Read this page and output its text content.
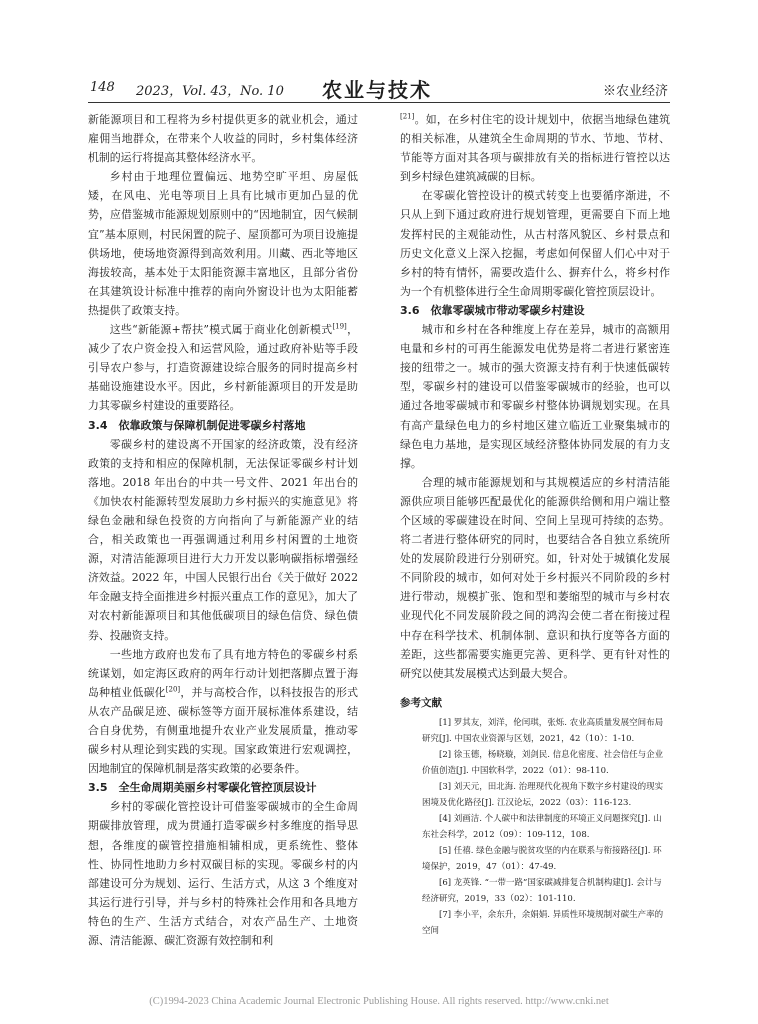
148 2023，Vol. 43，No. 10 农业与技术	※农业经济

新能源项目和工程将为乡村提供更多的就业机会，通过雇佣当地群众，在带来个人收益的同时，乡村集体经济机制的运行将提高其整体经济水平。

乡村由于地理位置偏远、地势空旷平坦、房屋低矮，在风电、光电等项目上具有比城市更加凸显的优势，应借鉴城市能源规划原则中的“因地制宜，因气候制宜”基本原则，村民闲置的院子、屋顶都可为项目设施提供场地，使场地资源得到高效利用。川藏、西北等地区海拔较高，基本处于太阳能资源丰富地区，且部分省份在其建筑设计标准中推荐的南向外窗设计也为太阳能蓄热提供了政策支持。

这些“新能源+帮扶”模式属于商业化创新模式[19]，减少了农户资金投入和运营风险，通过政府补贴等手段引导农户参与，打造资源建设综合服务的同时提高乡村基础设施建设水平。因此，乡村新能源项目的开发是助力其零碳乡村建设的重要路径。

3.4　依靠政策与保障机制促进零碳乡村落地

零碳乡村的建设离不开国家的经济政策，没有经济政策的支持和相应的保障机制，无法保证零碳乡村计划落地。2018 年出台的中共一号文件、2021 年出台的《加快农村能源转型发展助力乡村振兴的实施意见》将绿色金融和绿色投资的方向指向了与新能源产业的结合，相关政策也一再强调通过利用乡村闲置的土地资源，对清洁能源项目进行大力开发以影响碳指标增强经济效益。2022 年，中国人民银行出台《关于做好 2022 年金融支持全面推进乡村振兴重点工作的意见》，加大了对农村新能源项目和其他低碳项目的绿色信贷、绿色债券、投融资支持。

一些地方政府也发布了具有地方特色的零碳乡村系统谋划，如定海区政府的两年行动计划把落脚点置于海岛种植业低碳化[20]，并与高校合作，以科技报告的形式从农产品碳足迹、碳标签等方面开展标准体系建设，结合自身优势，有侧重地提升农业产业发展质量，推动零碳乡村从理论到实践的实现。国家政策进行宏观调控，因地制宜的保障机制是落实政策的必要条件。

3.5　全生命周期美丽乡村零碳化管控顶层设计

乡村的零碳化管控设计可借鉴零碳城市的全生命周期碳排放管理，成为贯通打造零碳乡村多维度的指导思想，各维度的碳管控措施相辅相成，更系统性、整体性、协同性地助力乡村双碳目标的实现。零碳乡村的内部建设可分为规划、运行、生活方式，从这 3 个维度对其运行进行引导，并与乡村的特殊社会作用和各具地方特色的生产、生活方式结合，对农产品生产、土地资源、清洁能源、碳汇资源有效控制和利

[21]。如，在乡村住宅的设计规划中，依据当地绿色建筑的相关标准，从建筑全生命周期的节水、节地、节材、节能等方面对其各项与碳排放有关的指标进行管控以达到乡村绿色建筑减碳的目标。

在零碳化管控设计的模式转变上也要循序渐进，不只从上到下通过政府进行规划管理，更需要自下而上地发挥村民的主观能动性，从古村落风貌区、乡村景点和历史文化意义上深入挖掘，考虑如何保留人们心中对于乡村的特有情怀，需要改造什么、摒弃什么，将乡村作为一个有机整体进行全生命周期零碳化管控顶层设计。

3.6　依靠零碳城市带动零碳乡村建设

城市和乡村在各种维度上存在差异，城市的高额用电量和乡村的可再生能源发电优势是将二者进行紧密连接的纽带之一。城市的强大资源支持有利于快速低碳转型，零碳乡村的建设可以借鉴零碳城市的经验，也可以通过各地零碳城市和零碳乡村整体协调规划实现。在具有高产量绿色电力的乡村地区建立临近工业聚集城市的绿色电力基地，是实现区域经济整体协同发展的有力支撑。

合理的城市能源规划和与其规模适应的乡村清洁能源供应项目能够匹配最优化的能源供给侧和用户端让整个区域的零碳建设在时间、空间上呈现可持续的态势。将二者进行整体研究的同时，也要结合各自独立系统所处的发展阶段进行分别研究。如，针对处于城镇化发展不同阶段的城市，如何对处于乡村振兴不同阶段的乡村进行带动，规模扩张、饱和型和萎缩型的城市与乡村农业现代化不同发展阶段之间的鸿沟会使二者在衔接过程中存在科学技术、机制体制、意识和执行度等各方面的差距，这些都需要实施更完善、更科学、更有针对性的研究以使其发展模式达到最大契合。

参考文献

[1] 罗其友，刘洋，伦闰琪，张烁. 农业高质量发展空间布局研究[J]. 中国农业资源与区划，2021，42（10）：1-10.

[2] 徐玉德，杨晓璇，刘剑民. 信息化密度、社会信任与企业价值创造[J]. 中国软科学，2022（01）：98-110.

[3] 刘天元，田北海. 治理现代化视角下数字乡村建设的现实困境及优化路径[J]. 江汉论坛，2022（03）：116-123.

[4] 刘画洁. 个人碳中和法律制度的环境正义问题探究[J]. 山东社会科学，2012（09）：109-112，108.

[5] 任禧. 绿色金融与脱贫攻坚的内在联系与衔接路径[J]. 环境保护，2019，47（01）：47-49.

[6] 龙英锋. “一带一路”国家碳减排复合机制构建[J]. 会计与经济研究，2019，33（02）：101-110.

[7] 李小平，余东升，余娟娟. 异质性环境规制对碳生产率的空间

(C)1994-2023 China Academic Journal Electronic Publishing House. All rights reserved. http://www.cnki.net
